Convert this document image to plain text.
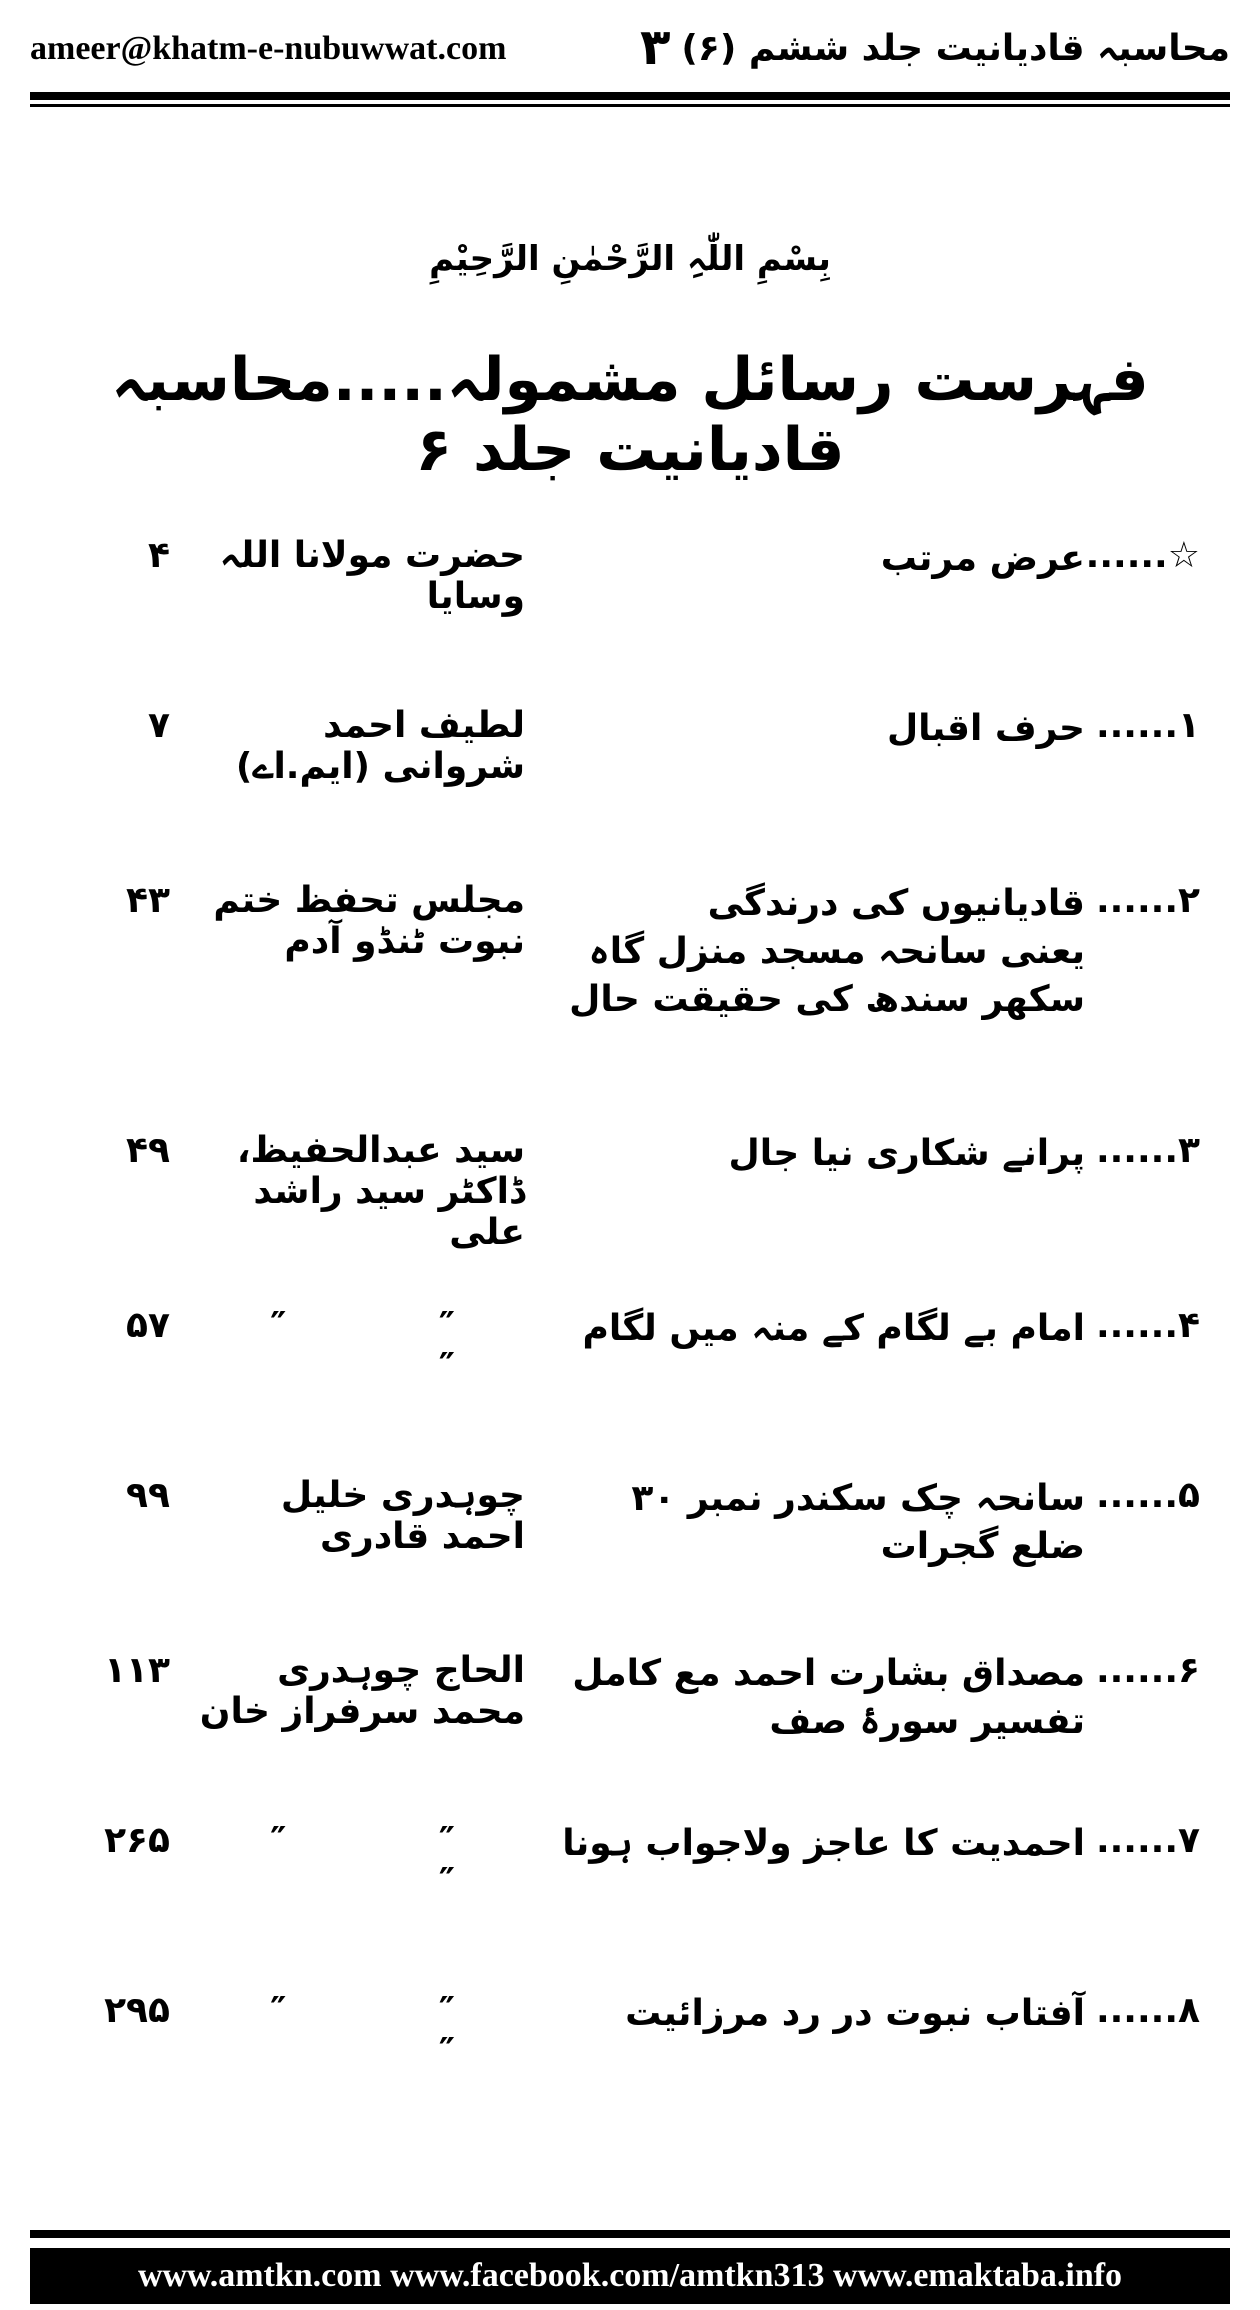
ameer@khatm-e-nubuwwat.com	۳ محاسبہ قادیانیت جلد ششم (۶)
بِسْمِ اللّٰہِ الرَّحْمٰنِ الرَّحِیْمِ
فہرست رسائل مشمولہ.....محاسبہ قادیانیت جلد ۶
☆......
عرض مرتب
حضرت مولانا اللہ وسایا
۴
۱......
حرف اقبال
لطیف احمد شروانی (ایم.اے)
۷
۲......
قادیانیوں کی درندگی
یعنی سانحہ مسجد منزل گاہ سکھر سندھ کی حقیقت حال
مجلس تحفظ ختم نبوت ٹنڈو آدم
۴۳
۳......
پرانے شکاری نیا جال
سید عبدالحفیظ، ڈاکٹر سید راشد علی
۴۹
۴......
امام بے لگام کے منہ میں لگام
″ ″ ″
۵۷
۵......
سانحہ چک سکندر نمبر ۳۰ ضلع گجرات
چوہدری خلیل احمد قادری
۹۹
۶......
مصداق بشارت احمد مع کامل تفسیر سورۂ صف
الحاج چوہدری محمد سرفراز خان
۱۱۳
۷......
احمدیت کا عاجز ولاجواب ہونا
″ ″ ″
۲۶۵
۸......
آفتاب نبوت در رد مرزائیت
″ ″ ″
۲۹۵
www.amtkn.com www.facebook.com/amtkn313 www.emaktaba.info
